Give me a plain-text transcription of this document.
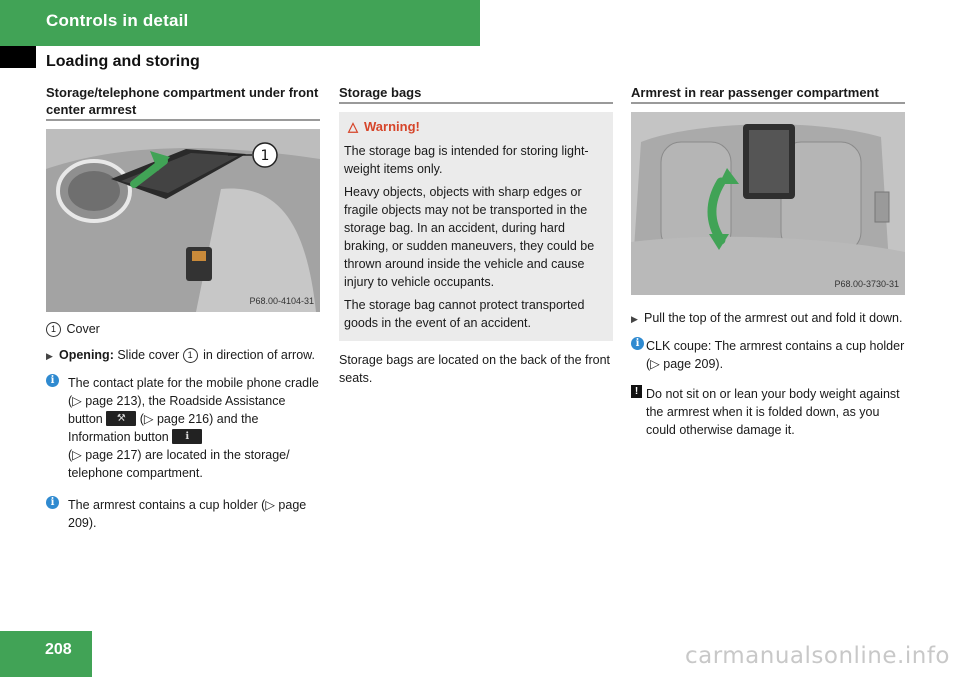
Controls in detail
Loading and storing
Storage/telephone compartment under front center armrest
1
P68.00-4104-31
1 Cover
▶ Opening: Slide cover 1 in direction of arrow.
i	The contact plate for the mobile phone cradle (▷ page 213), the Roadside Assistance button	⚒ (▷ page 216) and the Information button	ℹ

(▷ page 217) are located in the storage/ telephone compartment.
i	The armrest contains a cup holder (▷ page 209).
Storage bags
△ Warning!
The storage bag is intended for storing light-weight items only.
Heavy objects, objects with sharp edges or fragile objects may not be transported in the storage bag. In an accident, during hard braking, or sudden maneuvers, they could be thrown around inside the vehicle and cause injury to vehicle occupants.
The storage bag cannot protect transported goods in the event of an accident.
Storage bags are located on the back of the front seats.
Armrest in rear passenger compartment
P68.00-3730-31
▶ Pull the top of the armrest out and fold it down.
i CLK coupe: The armrest contains a cup holder (▷ page 209).
! Do not sit on or lean your body weight against the armrest when it is folded down, as you could otherwise damage it.
208	carmanualsonline.info
